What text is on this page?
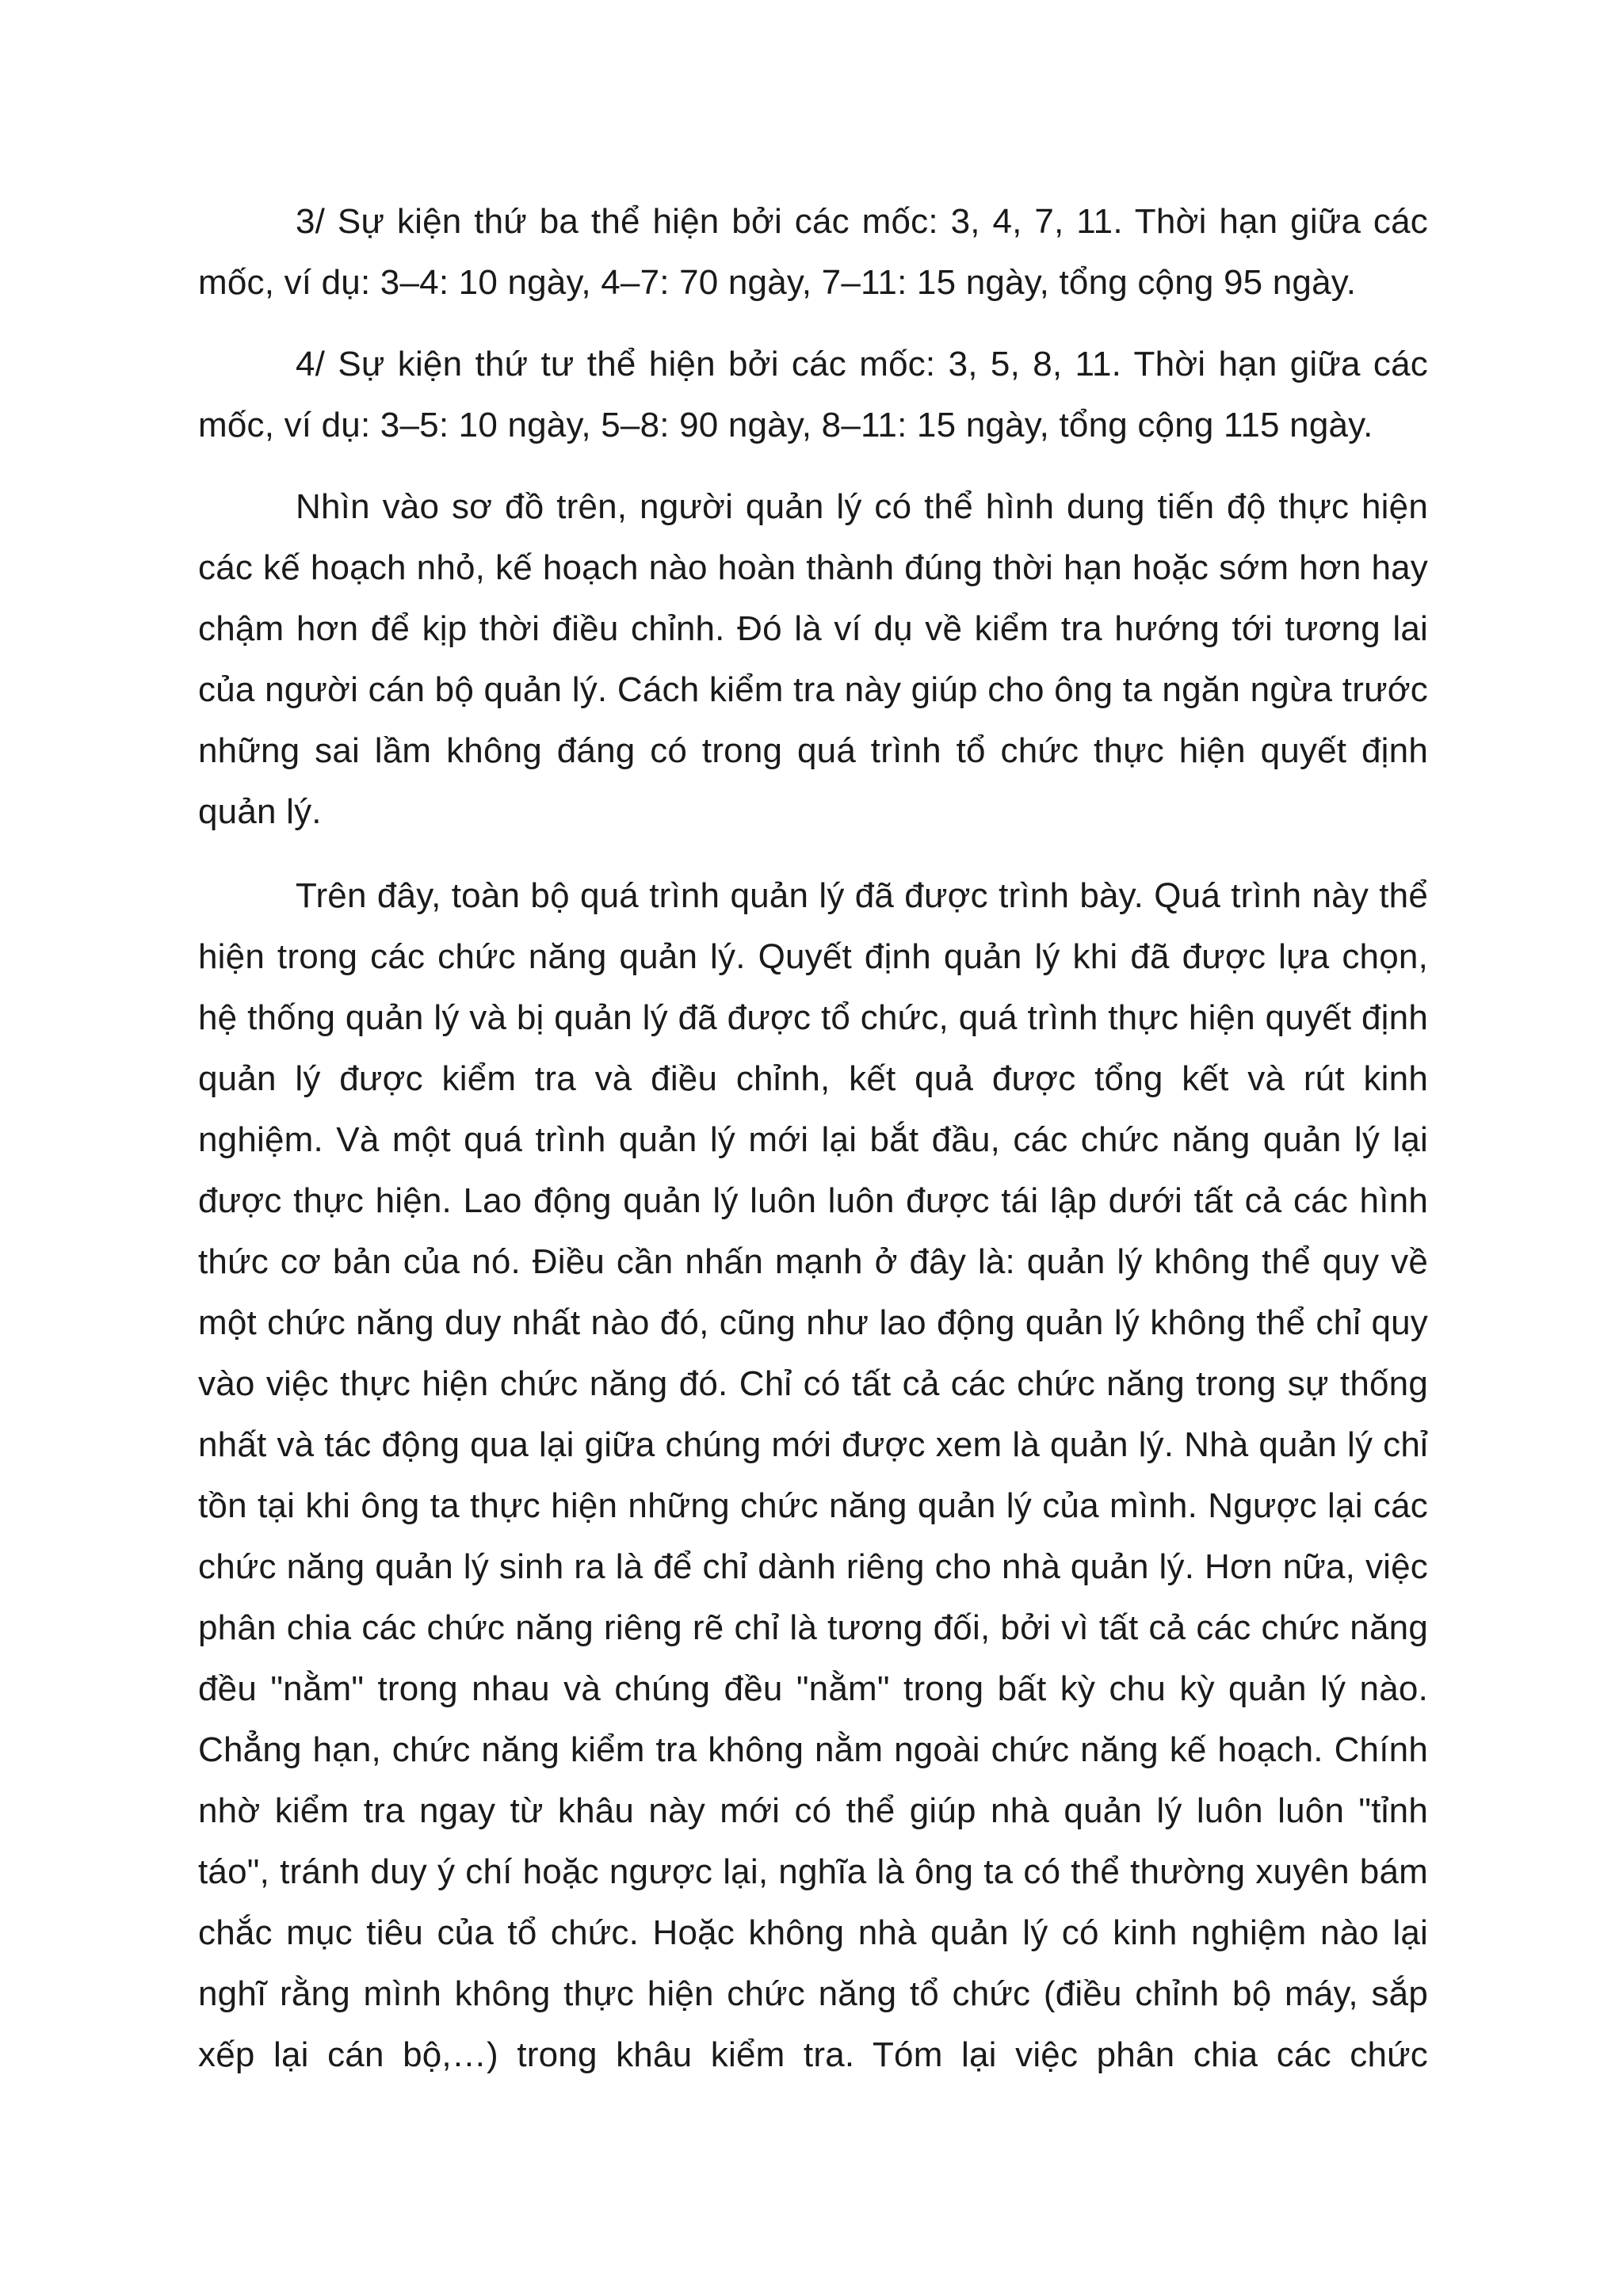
3/ Sự kiện thứ ba thể hiện bởi các mốc: 3, 4, 7, 11. Thời hạn giữa các mốc, ví dụ: 3–4: 10 ngày, 4–7: 70 ngày, 7–11: 15 ngày, tổng cộng 95 ngày.

4/ Sự kiện thứ tư thể hiện bởi các mốc: 3, 5, 8, 11. Thời hạn giữa các mốc, ví dụ: 3–5: 10 ngày, 5–8: 90 ngày, 8–11: 15 ngày, tổng cộng 115 ngày.

Nhìn vào sơ đồ trên, người quản lý có thể hình dung tiến độ thực hiện các kế hoạch nhỏ, kế hoạch nào hoàn thành đúng thời hạn hoặc sớm hơn hay chậm hơn để kịp thời điều chỉnh. Đó là ví dụ về kiểm tra hướng tới tương lai của người cán bộ quản lý. Cách kiểm tra này giúp cho ông ta ngăn ngừa trước những sai lầm không đáng có trong quá trình tổ chức thực hiện quyết định quản lý.

Trên đây, toàn bộ quá trình quản lý đã được trình bày. Quá trình này thể hiện trong các chức năng quản lý. Quyết định quản lý khi đã được lựa chọn, hệ thống quản lý và bị quản lý đã được tổ chức, quá trình thực hiện quyết định quản lý được kiểm tra và điều chỉnh, kết quả được tổng kết và rút kinh nghiệm. Và một quá trình quản lý mới lại bắt đầu, các chức năng quản lý lại được thực hiện. Lao động quản lý luôn luôn được tái lập dưới tất cả các hình thức cơ bản của nó. Điều cần nhấn mạnh ở đây là: quản lý không thể quy về một chức năng duy nhất nào đó, cũng như lao động quản lý không thể chỉ quy vào việc thực hiện chức năng đó. Chỉ có tất cả các chức năng trong sự thống nhất và tác động qua lại giữa chúng mới được xem là quản lý. Nhà quản lý chỉ tồn tại khi ông ta thực hiện những chức năng quản lý của mình. Ngược lại các chức năng quản lý sinh ra là để chỉ dành riêng cho nhà quản lý. Hơn nữa, việc phân chia các chức năng riêng rẽ chỉ là tương đối, bởi vì tất cả các chức năng đều "nằm" trong nhau và chúng đều "nằm" trong bất kỳ chu kỳ quản lý nào. Chẳng hạn, chức năng kiểm tra không nằm ngoài chức năng kế hoạch. Chính nhờ kiểm tra ngay từ khâu này mới có thể giúp nhà quản lý luôn luôn "tỉnh táo", tránh duy ý chí hoặc ngược lại, nghĩa là ông ta có thể thường xuyên bám chắc mục tiêu của tổ chức. Hoặc không nhà quản lý có kinh nghiệm nào lại nghĩ rằng mình không thực hiện chức năng tổ chức (điều chỉnh bộ máy, sắp xếp lại cán bộ,…) trong khâu kiểm tra. Tóm lại việc phân chia các chức
